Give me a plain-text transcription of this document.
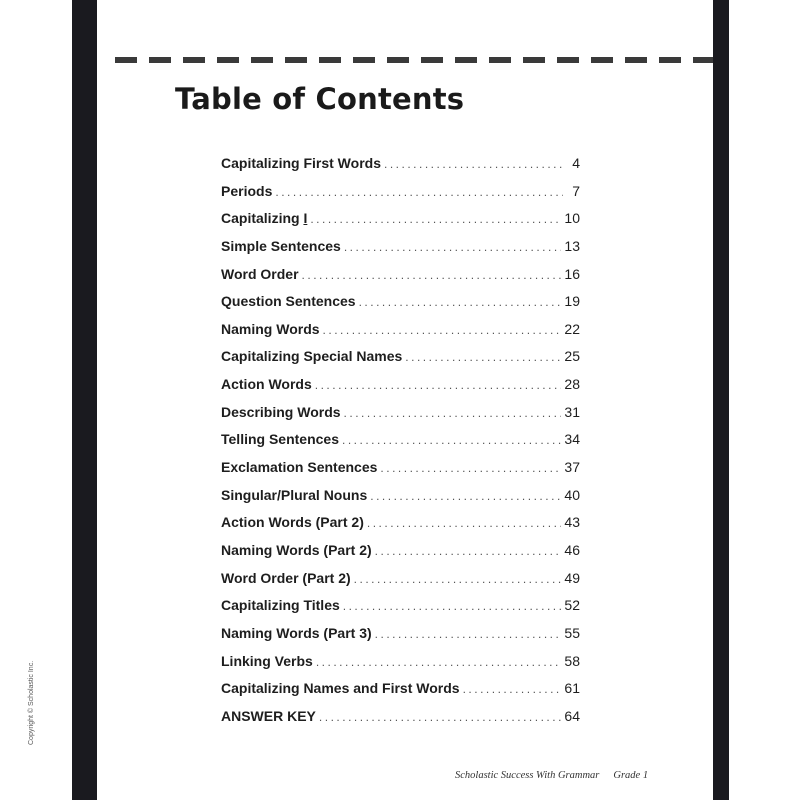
Table of Contents
Capitalizing First Words .....	4
Periods .....	7
Capitalizing I .....	10
Simple Sentences .....	13
Word Order .....	16
Question Sentences .....	19
Naming Words .....	22
Capitalizing Special Names .....	25
Action Words .....	28
Describing Words .....	31
Telling Sentences .....	34
Exclamation Sentences .....	37
Singular/Plural Nouns .....	40
Action Words (Part 2) .....	43
Naming Words (Part 2) .....	46
Word Order (Part 2) .....	49
Capitalizing Titles .....	52
Naming Words (Part 3) .....	55
Linking Verbs .....	58
Capitalizing Names and First Words .....	61
ANSWER KEY .....	64
Scholastic Success With Grammar Grade 1
Copyright © Scholastic Inc.
